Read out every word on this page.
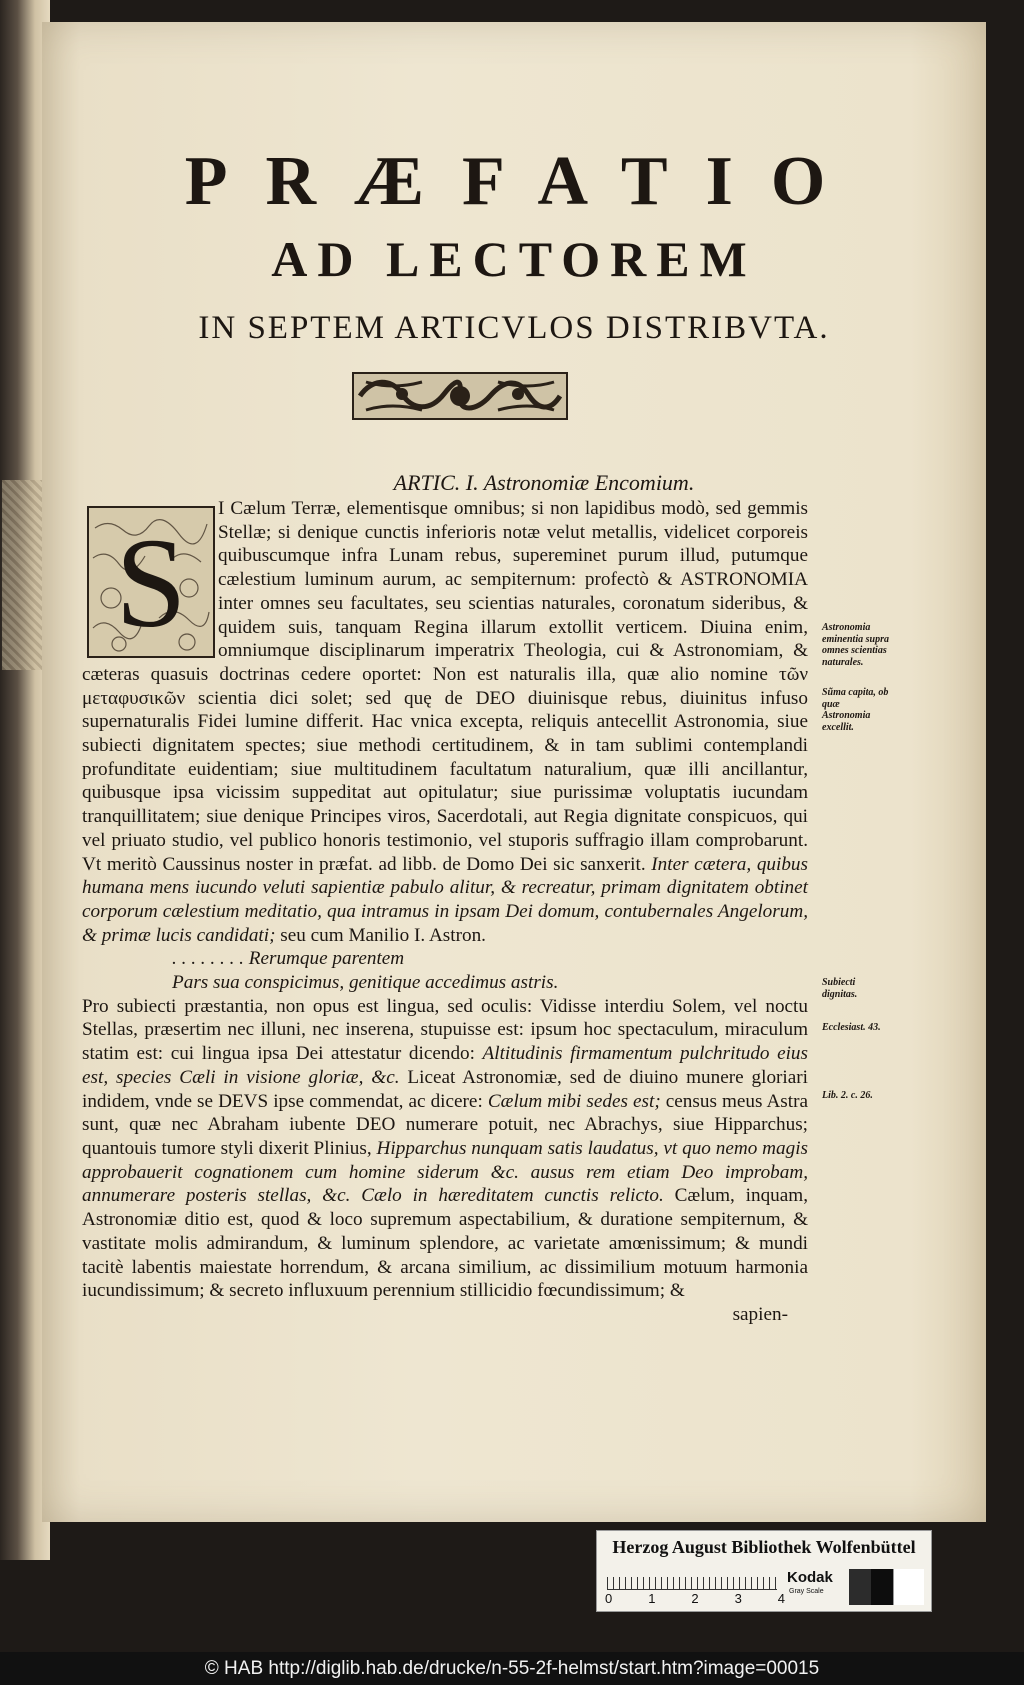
PRÆFATIO
AD LECTOREM
IN SEPTEM ARTICVLOS DISTRIBVTA.
ARTIC. I. Astronomiæ Encomium.
S
I Cælum Terræ, elementisque omnibus; si non lapidibus modò, sed gemmis Stellæ; si denique cunctis inferioris notæ velut metallis, videlicet corporeis quibuscumque infra Lunam rebus, supereminet purum illud, putumque cælestium luminum aurum, ac sempiternum: profectò & ASTRONOMIA inter omnes seu facultates, seu scientias naturales, coronatum sideribus, & quidem suis, tanquam Regina illarum extollit verticem. Diuina enim, omniumque disciplinarum imperatrix Theologia, cui & Astronomiam, & cæteras quasuis doctrinas cedere oportet: Non est naturalis illa, quæ alio nomine τῶν μεταφυσικῶν scientia dici solet; sed quę de DEO diuinisque rebus, diuinitus infuso supernaturalis Fidei lumine differit. Hac vnica excepta, reliquis antecellit Astronomia, siue subiecti dignitatem spectes; siue methodi certitudinem, & in tam sublimi contemplandi profunditate euidentiam; siue multitudinem facultatum naturalium, quæ illi ancillantur, quibusque ipsa vicissim suppeditat aut opitulatur; siue purissimæ voluptatis iucundam tranquillitatem; siue denique Principes viros, Sacerdotali, aut Regia dignitate conspicuos, qui vel priuato studio, vel publico honoris testimonio, vel stuporis suffragio illam comprobarunt. Vt meritò Caussinus noster in præfat. ad libb. de Domo Dei sic sanxerit. Inter cætera, quibus humana mens iucundo veluti sapientiæ pabulo alitur, & recreatur, primam dignitatem obtinet corporum cælestium meditatio, qua intramus in ipsam Dei domum, contubernales Angelorum, & primæ lucis candidati; seu cum Manilio I. Astron.
. . . . . . . . Rerumque parentem
Pars sua conspicimus, genitique accedimus astris.
Pro subiecti præstantia, non opus est lingua, sed oculis: Vidisse interdiu Solem, vel noctu Stellas, præsertim nec illuni, nec inserena, stupuisse est: ipsum hoc spectaculum, miraculum statim est: cui lingua ipsa Dei attestatur dicendo: Altitudinis firmamentum pulchritudo eius est, species Cæli in visione gloriæ, &c. Liceat Astronomiæ, sed de diuino munere gloriari indidem, vnde se DEVS ipse commendat, ac dicere: Cælum mibi sedes est; census meus Astra sunt, quæ nec Abraham iubente DEO numerare potuit, nec Abrachys, siue Hipparchus; quantouis tumore styli dixerit Plinius, Hipparchus nunquam satis laudatus, vt quo nemo magis approbauerit cognationem cum homine siderum &c. ausus rem etiam Deo improbam, annumerare posteris stellas, &c. Cælo in hæreditatem cunctis relicto. Cælum, inquam, Astronomiæ ditio est, quod & loco supremum aspectabilium, & duratione sempiternum, & vastitate molis admirandum, & luminum splendore, ac varietate amœnissimum; & mundi tacitè labentis maiestate horrendum, & arcana similium, ac dissimilium motuum harmonia iucundissimum; & secreto influxuum perennium stillicidio fœcundissimum; &
sapien-
Astronomia eminentia supra omnes scientias naturales.
Sũma capita, ob quæ Astronomia excellit.
Subiecti dignitas.
Ecclesiast. 43.
Lib. 2. c. 26.
Herzog August Bibliothek Wolfenbüttel
0	1	2	3	4
Kodak
Gray Scale
© HAB http://diglib.hab.de/drucke/n-55-2f-helmst/start.htm?image=00015
